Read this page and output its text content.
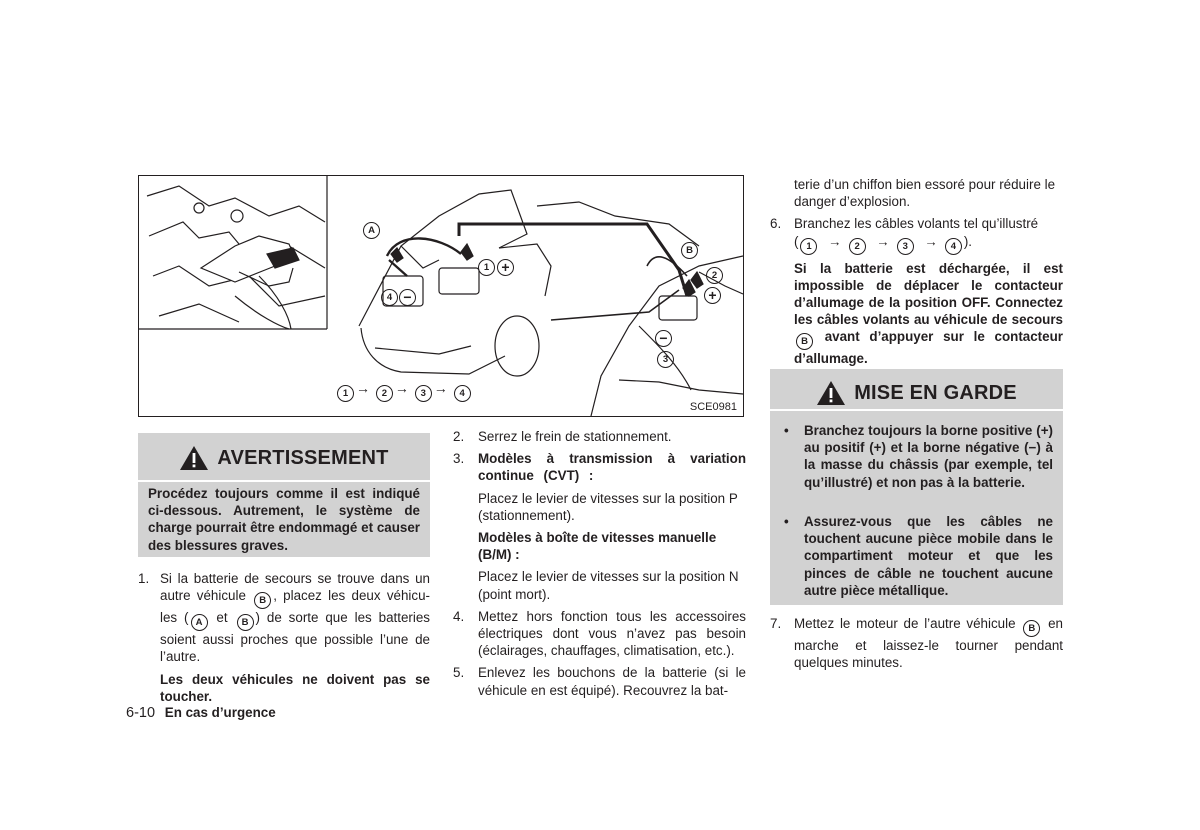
A
B
1 +
4 −
2
+
−
3
1 → 2 → 3 → 4
SCE0981
AVERTISSEMENT
Procédez toujours comme il est indiqué ci-dessous. Autrement, le système de charge pourrait être endommagé et causer des blessures graves.
1. Si la batterie de secours se trouve dans un autre véhicule B , placez les deux véhicu- les ( A et B ) de sorte que les batteries soient aussi proches que possible l’une de l’autre.
Les deux véhicules ne doivent pas se toucher.
6-10 En cas d’urgence
2. Serrez le frein de stationnement.
3. Modèles à transmission à variation continue (CVT) :
Placez le levier de vitesses sur la position P (stationnement).
Modèles à boîte de vitesses manuelle (B/M) :
Placez le levier de vitesses sur la position N (point mort).
4. Mettez hors fonction tous les accessoires électriques dont vous n’avez pas besoin (éclairages, chauffages, climatisation, etc.).
5. Enlevez les bouchons de la batterie (si le véhicule en est équipé). Recouvrez la bat-
terie d’un chiffon bien essoré pour réduire le danger d’explosion.
6. Branchez les câbles volants tel qu’illustré
( 1 → 2 → 3 → 4 ).
Si la batterie est déchargée, il est impossible de déplacer le contacteur d’allumage de la position OFF. Connectez les câbles volants au véhicule de secours B avant d’appuyer sur le contacteur d’allumage.
MISE EN GARDE
• Branchez toujours la borne positive (+) au positif (+) et la borne négative (−) à la masse du châssis (par exemple, tel qu’illustré) et non pas à la batterie.
• Assurez-vous que les câbles ne touchent aucune pièce mobile dans le compartiment moteur et que les pinces de câble ne touchent aucune autre pièce métallique.
7. Mettez le moteur de l’autre véhicule B en marche et laissez-le tourner pendant quelques minutes.
